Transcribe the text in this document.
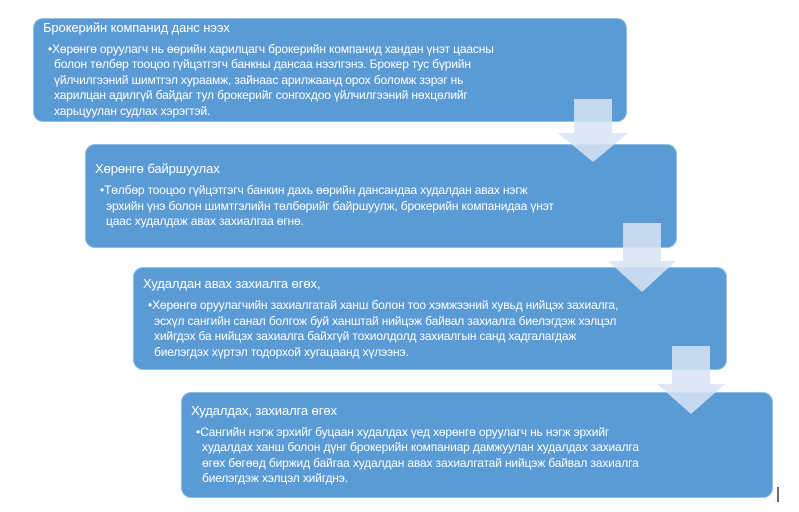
Брокерийн компанид данс нээх

•Хөрөнгө оруулагч нь өөрийн харилцагч брокерийн компанид хандан үнэт цаасны болон төлбөр тооцоо гүйцэтгэгч банкны дансаа нээлгэнэ. Брокер тус бүрийн үйлчилгээний шимтгэл хураамж, зайнаас арилжаанд орох боломж зэрэг нь харилцан адилгүй байдаг тул брокерийг сонгохдоо үйлчилгээний нөхцөлийг харьцуулан судлах хэрэгтэй.

Хөрөнгө байршуулах

•Төлбөр тооцоо гүйцэтгэгч банкин дахь өөрийн дансандаа худалдан авах нэгж эрхийн үнэ болон шимтгэлийн төлбөрийг байршуулж, брокерийн компанидаа үнэт цаас худалдаж авах захиалгаа өгнө.

Худалдан авах захиалга өгөх,

•Хөрөнгө оруулагчийн захиалгатай ханш болон тоо хэмжээний хувьд нийцэх захиалга, эсхүл сангийн санал болгож буй ханштай нийцэж байвал захиалга биелэгдэж хэлцэл хийгдэх ба нийцэх захиалга байхгүй тохиолдолд захиалгын санд хадгалагдаж биелэгдэх хүртэл тодорхой хугацаанд хүлээнэ.

Худалдах, захиалга өгөх

•Сангийн нэгж эрхийг буцаан худалдах үед хөрөнгө оруулагч нь нэгж эрхийг худалдах ханш болон дүнг брокерийн компаниар дамжуулан худалдах захиалга өгөх бөгөөд биржид байгаа худалдан авах захиалгатай нийцэж байвал захиалга биелэгдэж хэлцэл хийгднэ.
